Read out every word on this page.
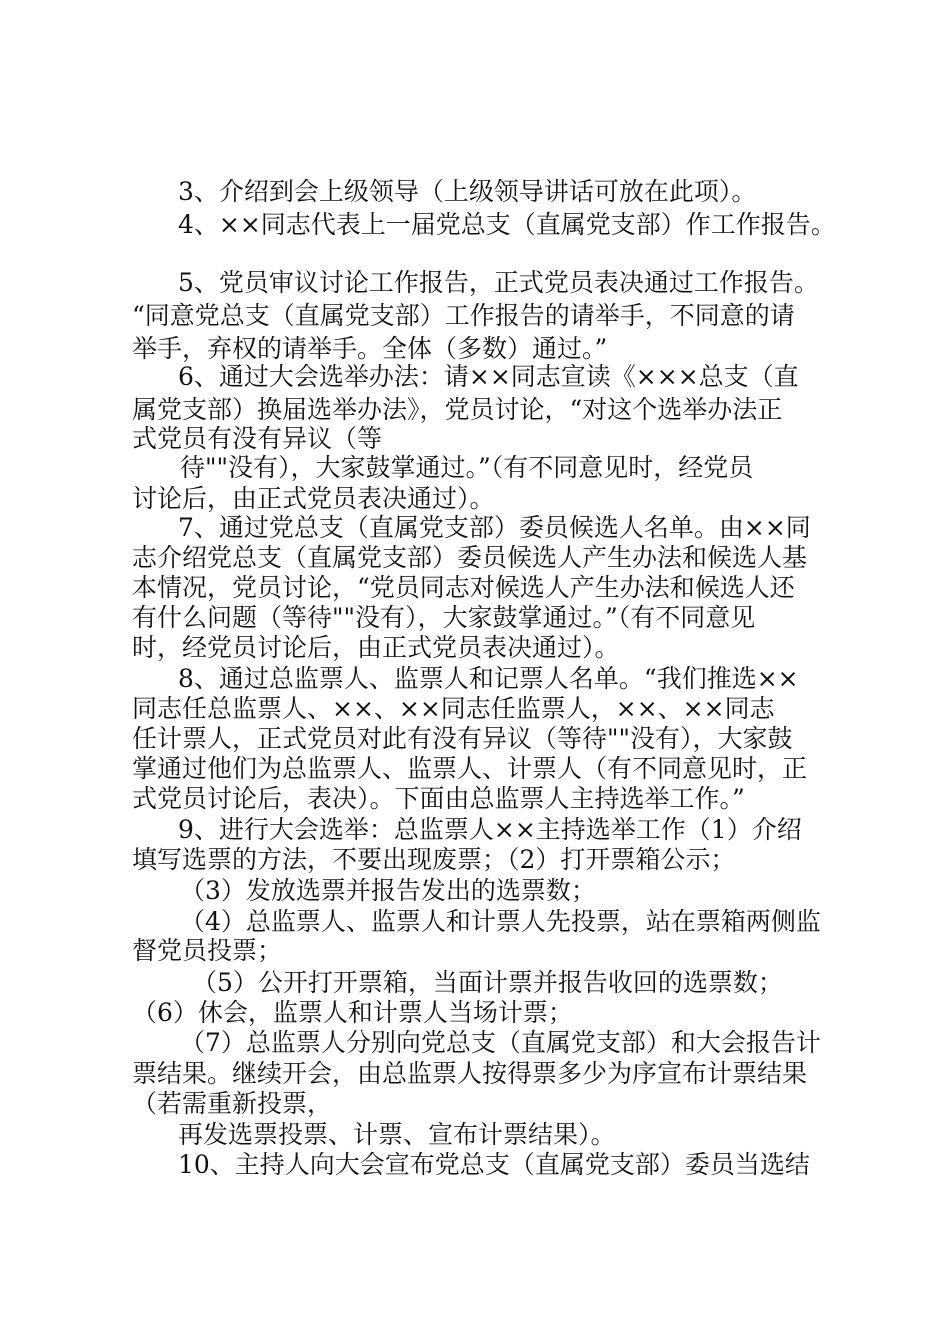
3、介绍到会上级领导（上级领导讲话可放在此项）。
4、××同志代表上一届党总支（直属党支部）作工作报告。
5、党员审议讨论工作报告，正式党员表决通过工作报告。
“同意党总支（直属党支部）工作报告的请举手，不同意的请
举手，弃权的请举手。全体（多数）通过。”
6、通过大会选举办法：请××同志宣读《×××总支（直
属党支部）换届选举办法》，党员讨论，“对这个选举办法正
式党员有没有异议（等
待""没有），大家鼓掌通过。”（有不同意见时，经党员
讨论后，由正式党员表决通过）。
7、通过党总支（直属党支部）委员候选人名单。由××同
志介绍党总支（直属党支部）委员候选人产生办法和候选人基
本情况，党员讨论，“党员同志对候选人产生办法和候选人还
有什么问题（等待""没有），大家鼓掌通过。”（有不同意见
时，经党员讨论后，由正式党员表决通过）。
8、通过总监票人、监票人和记票人名单。“我们推选××
同志任总监票人、××、××同志任监票人，××、××同志
任计票人，正式党员对此有没有异议（等待""没有），大家鼓
掌通过他们为总监票人、监票人、计票人（有不同意见时，正
式党员讨论后，表决）。下面由总监票人主持选举工作。”
9、进行大会选举：总监票人××主持选举工作（1）介绍
填写选票的方法，不要出现废票；（2）打开票箱公示；
（3）发放选票并报告发出的选票数；
（4）总监票人、监票人和计票人先投票，站在票箱两侧监
督党员投票；
（5）公开打开票箱，当面计票并报告收回的选票数；
（6）休会，监票人和计票人当场计票；
（7）总监票人分别向党总支（直属党支部）和大会报告计
票结果。继续开会，由总监票人按得票多少为序宣布计票结果
（若需重新投票，
再发选票投票、计票、宣布计票结果）。
10、主持人向大会宣布党总支（直属党支部）委员当选结
